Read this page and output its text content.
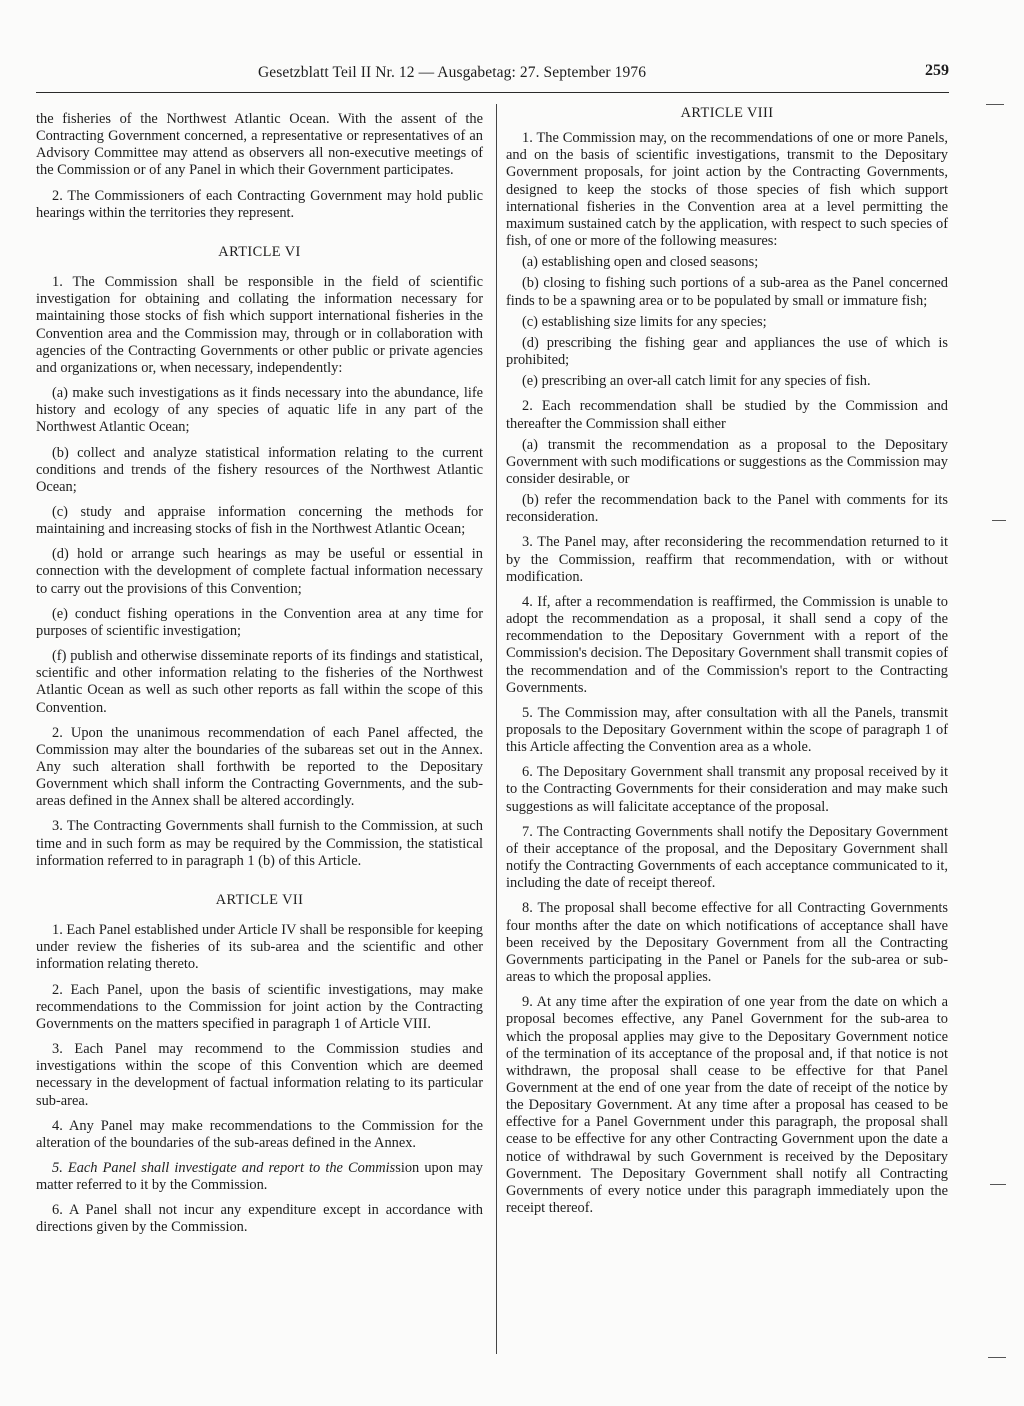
Gesetzblatt Teil II Nr. 12 — Ausgabetag: 27. September 1976	259

the fisheries of the Northwest Atlantic Ocean. With the assent of the Contracting Government concerned, a representative or representatives of an Advisory Committee may attend as observers all non-executive meetings of the Commission or of any Panel in which their Government participates.

2. The Commissioners of each Contracting Government may hold public hearings within the territories they represent.

ARTICLE VI

1. The Commission shall be responsible in the field of scientific investigation for obtaining and collating the information necessary for maintaining those stocks of fish which support international fisheries in the Convention area and the Commission may, through or in collaboration with agencies of the Contracting Governments or other public or private agencies and organizations or, when necessary, independently:

(a) make such investigations as it finds necessary into the abundance, life history and ecology of any species of aquatic life in any part of the Northwest Atlantic Ocean;

(b) collect and analyze statistical information relating to the current conditions and trends of the fishery resources of the Northwest Atlantic Ocean;

(c) study and appraise information concerning the methods for maintaining and increasing stocks of fish in the Northwest Atlantic Ocean;

(d) hold or arrange such hearings as may be useful or essential in connection with the development of complete factual information necessary to carry out the provisions of this Convention;

(e) conduct fishing operations in the Convention area at any time for purposes of scientific investigation;

(f) publish and otherwise disseminate reports of its findings and statistical, scientific and other information relating to the fisheries of the Northwest Atlantic Ocean as well as such other reports as fall within the scope of this Convention.

2. Upon the unanimous recommendation of each Panel affected, the Commission may alter the boundaries of the subareas set out in the Annex. Any such alteration shall forthwith be reported to the Depositary Government which shall inform the Contracting Governments, and the sub-areas defined in the Annex shall be altered accordingly.

3. The Contracting Governments shall furnish to the Commission, at such time and in such form as may be required by the Commission, the statistical information referred to in paragraph 1 (b) of this Article.

ARTICLE VII

1. Each Panel established under Article IV shall be responsible for keeping under review the fisheries of its sub-area and the scientific and other information relating thereto.

2. Each Panel, upon the basis of scientific investigations, may make recommendations to the Commission for joint action by the Contracting Governments on the matters specified in paragraph 1 of Article VIII.

3. Each Panel may recommend to the Commission studies and investigations within the scope of this Convention which are deemed necessary in the development of factual information relating to its particular sub-area.

4. Any Panel may make recommendations to the Commission for the alteration of the boundaries of the sub-areas defined in the Annex.

5. Each Panel shall investigate and report to the Commission upon may matter referred to it by the Commission.

6. A Panel shall not incur any expenditure except in accordance with directions given by the Commission.

ARTICLE VIII

1. The Commission may, on the recommendations of one or more Panels, and on the basis of scientific investigations, transmit to the Depositary Government proposals, for joint action by the Contracting Governments, designed to keep the stocks of those species of fish which support international fisheries in the Convention area at a level permitting the maximum sustained catch by the application, with respect to such species of fish, of one or more of the following measures:

(a) establishing open and closed seasons;

(b) closing to fishing such portions of a sub-area as the Panel concerned finds to be a spawning area or to be populated by small or immature fish;

(c) establishing size limits for any species;

(d) prescribing the fishing gear and appliances the use of which is prohibited;

(e) prescribing an over-all catch limit for any species of fish.

2. Each recommendation shall be studied by the Commission and thereafter the Commission shall either

(a) transmit the recommendation as a proposal to the Depositary Government with such modifications or suggestions as the Commission may consider desirable, or

(b) refer the recommendation back to the Panel with comments for its reconsideration.

3. The Panel may, after reconsidering the recommendation returned to it by the Commission, reaffirm that recommendation, with or without modification.

4. If, after a recommendation is reaffirmed, the Commission is unable to adopt the recommendation as a proposal, it shall send a copy of the recommendation to the Depositary Government with a report of the Commission's decision. The Depositary Government shall transmit copies of the recommendation and of the Commission's report to the Contracting Governments.

5. The Commission may, after consultation with all the Panels, transmit proposals to the Depositary Government within the scope of paragraph 1 of this Article affecting the Convention area as a whole.

6. The Depositary Government shall transmit any proposal received by it to the Contracting Governments for their consideration and may make such suggestions as will falicitate acceptance of the proposal.

7. The Contracting Governments shall notify the Depositary Government of their acceptance of the proposal, and the Depositary Government shall notify the Contracting Governments of each acceptance communicated to it, including the date of receipt thereof.

8. The proposal shall become effective for all Contracting Governments four months after the date on which notifications of acceptance shall have been received by the Depositary Government from all the Contracting Governments participating in the Panel or Panels for the sub-area or sub-areas to which the proposal applies.

9. At any time after the expiration of one year from the date on which a proposal becomes effective, any Panel Government for the sub-area to which the proposal applies may give to the Depositary Government notice of the termination of its acceptance of the proposal and, if that notice is not withdrawn, the proposal shall cease to be effective for that Panel Government at the end of one year from the date of receipt of the notice by the Depositary Government. At any time after a proposal has ceased to be effective for a Panel Government under this paragraph, the proposal shall cease to be effective for any other Contracting Government upon the date a notice of withdrawal by such Government is received by the Depositary Government. The Depositary Government shall notify all Contracting Governments of every notice under this paragraph immediately upon the receipt thereof.
